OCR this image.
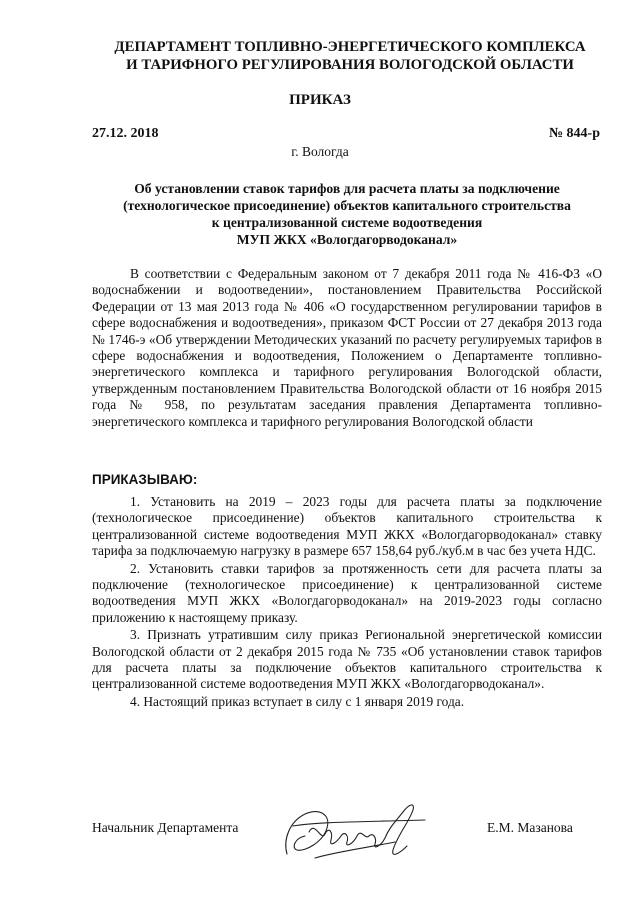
ДЕПАРТАМЕНТ ТОПЛИВНО-ЭНЕРГЕТИЧЕСКОГО КОМПЛЕКСА
И ТАРИФНОГО РЕГУЛИРОВАНИЯ ВОЛОГОДСКОЙ ОБЛАСТИ
ПРИКАЗ
27.12. 2018	№ 844-р
г. Вологда
Об установлении ставок тарифов для расчета платы за подключение
(технологическое присоединение) объектов капитального строительства
к централизованной системе водоотведения
МУП ЖКХ «Вологдагорводоканал»

В соответствии с Федеральным законом от 7 декабря 2011 года № 416-ФЗ «О водоснабжении и водоотведении», постановлением Правительства Российской Федерации от 13 мая 2013 года № 406 «О государственном регулировании тарифов в сфере водоснабжения и водоотведения», приказом ФСТ России от 27 декабря 2013 года № 1746-э «Об утверждении Методических указаний по расчету регулируемых тарифов в сфере водоснабжения и водоотведения, Положением о Департаменте топливно-энергетического комплекса и тарифного регулирования Вологодской области, утвержденным постановлением Правительства Вологодской области от 16 ноября 2015 года № 958, по результатам заседания правления Департамента топливно-энергетического комплекса и тарифного регулирования Вологодской области

ПРИКАЗЫВАЮ:

1. Установить на 2019 – 2023 годы для расчета платы за подключение (технологическое присоединение) объектов капитального строительства к централизованной системе водоотведения МУП ЖКХ «Вологдагорводоканал» ставку тарифа за подключаемую нагрузку в размере 657 158,64 руб./куб.м в час без учета НДС.

2. Установить ставки тарифов за протяженность сети для расчета платы за подключение (технологическое присоединение) к централизованной системе водоотведения МУП ЖКХ «Вологдагорводоканал» на 2019-2023 годы согласно приложению к настоящему приказу.

3. Признать утратившим силу приказ Региональной энергетической комиссии Вологодской области от 2 декабря 2015 года № 735 «Об установлении ставок тарифов для расчета платы за подключение объектов капитального строительства к централизованной системе водоотведения МУП ЖКХ «Вологдагорводоканал».

4. Настоящий приказ вступает в силу с 1 января 2019 года.

Начальник Департамента	Е.М. Мазанова
